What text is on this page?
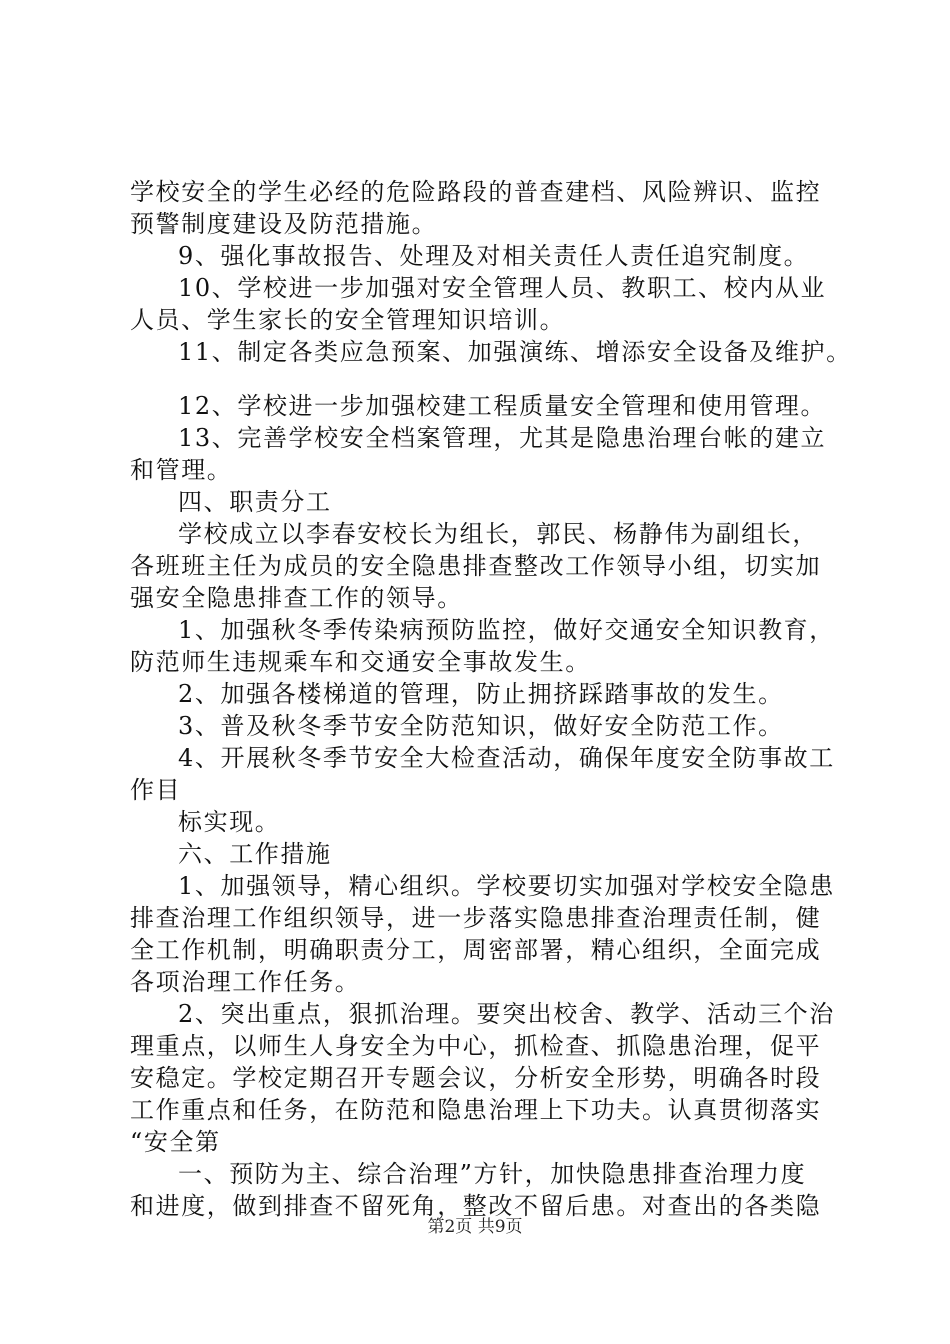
学校安全的学生必经的危险路段的普查建档、风险辨识、监控
预警制度建设及防范措施。
9、强化事故报告、处理及对相关责任人责任追究制度。
10、学校进一步加强对安全管理人员、教职工、校内从业
人员、学生家长的安全管理知识培训。
11、制定各类应急预案、加强演练、增添安全设备及维护。
12、学校进一步加强校建工程质量安全管理和使用管理。
13、完善学校安全档案管理，尤其是隐患治理台帐的建立
和管理。
四、职责分工
学校成立以李春安校长为组长，郭民、杨静伟为副组长，
各班班主任为成员的安全隐患排查整改工作领导小组，切实加
强安全隐患排查工作的领导。
1、加强秋冬季传染病预防监控，做好交通安全知识教育，
防范师生违规乘车和交通安全事故发生。
2、加强各楼梯道的管理，防止拥挤踩踏事故的发生。
3、普及秋冬季节安全防范知识，做好安全防范工作。
4、开展秋冬季节安全大检查活动，确保年度安全防事故工
作目
标实现。
六、工作措施
1、加强领导，精心组织。学校要切实加强对学校安全隐患
排查治理工作组织领导，进一步落实隐患排查治理责任制，健
全工作机制，明确职责分工，周密部署，精心组织，全面完成
各项治理工作任务。
2、突出重点，狠抓治理。要突出校舍、教学、活动三个治
理重点，以师生人身安全为中心，抓检查、抓隐患治理，促平
安稳定。学校定期召开专题会议，分析安全形势，明确各时段
工作重点和任务，在防范和隐患治理上下功夫。认真贯彻落实
“安全第
一、预防为主、综合治理”方针，加快隐患排查治理力度
和进度，做到排查不留死角，整改不留后患。对查出的各类隐
第2页 共9页
